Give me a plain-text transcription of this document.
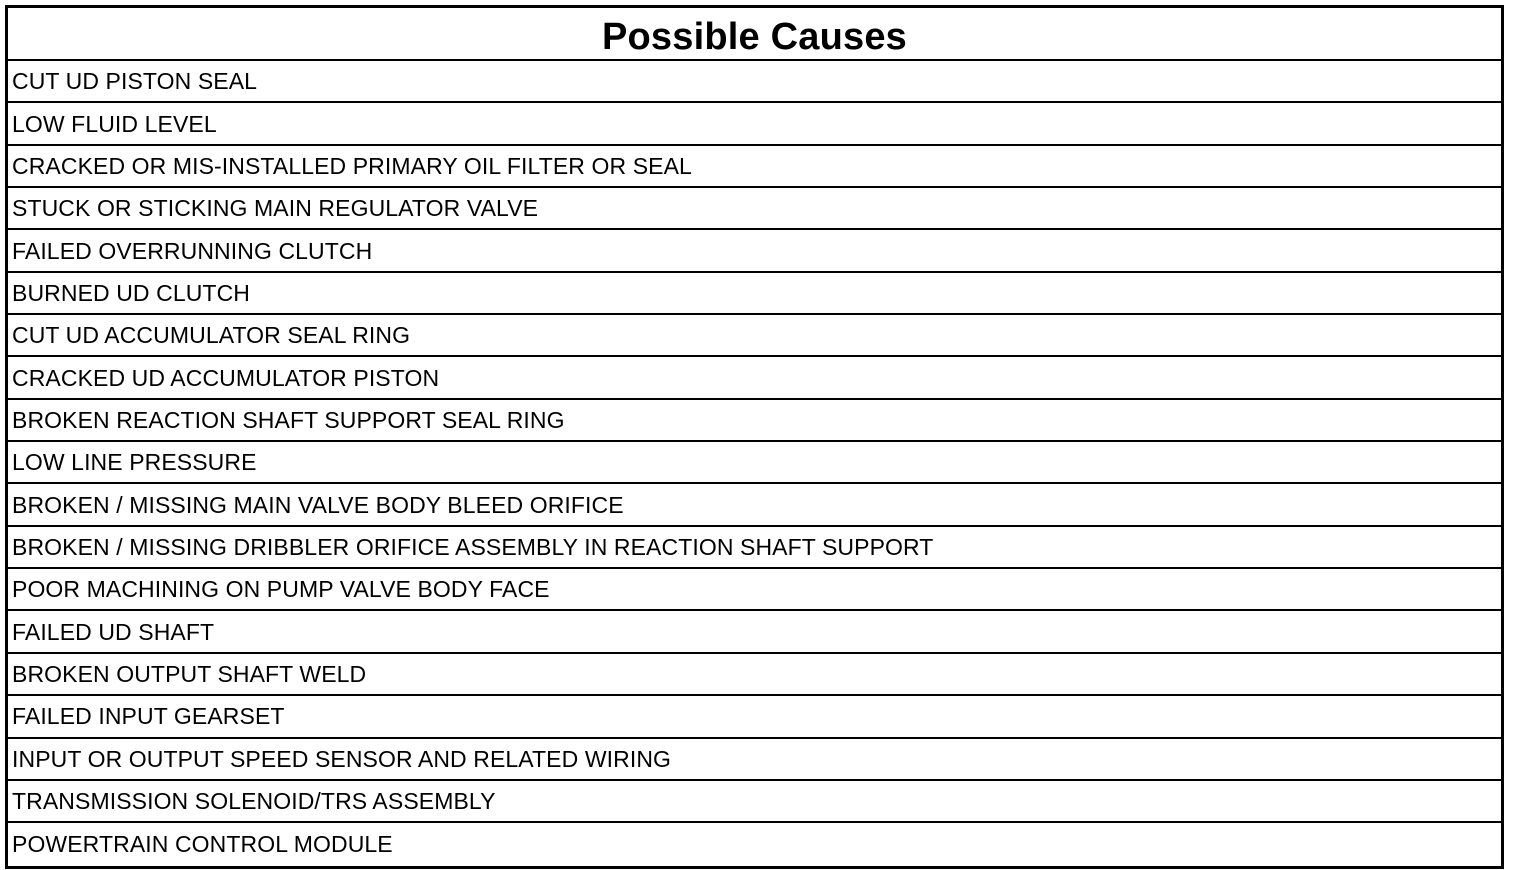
Possible Causes
CUT UD PISTON SEAL
LOW FLUID LEVEL
CRACKED OR MIS-INSTALLED PRIMARY OIL FILTER OR SEAL
STUCK OR STICKING MAIN REGULATOR VALVE
FAILED OVERRUNNING CLUTCH
BURNED UD CLUTCH
CUT UD ACCUMULATOR SEAL RING
CRACKED UD ACCUMULATOR PISTON
BROKEN REACTION SHAFT SUPPORT SEAL RING
LOW LINE PRESSURE
BROKEN / MISSING MAIN VALVE BODY BLEED ORIFICE
BROKEN / MISSING DRIBBLER ORIFICE ASSEMBLY IN REACTION SHAFT SUPPORT
POOR MACHINING ON PUMP VALVE BODY FACE
FAILED UD SHAFT
BROKEN OUTPUT SHAFT WELD
FAILED INPUT GEARSET
INPUT OR OUTPUT SPEED SENSOR AND RELATED WIRING
TRANSMISSION SOLENOID/TRS ASSEMBLY
POWERTRAIN CONTROL MODULE
